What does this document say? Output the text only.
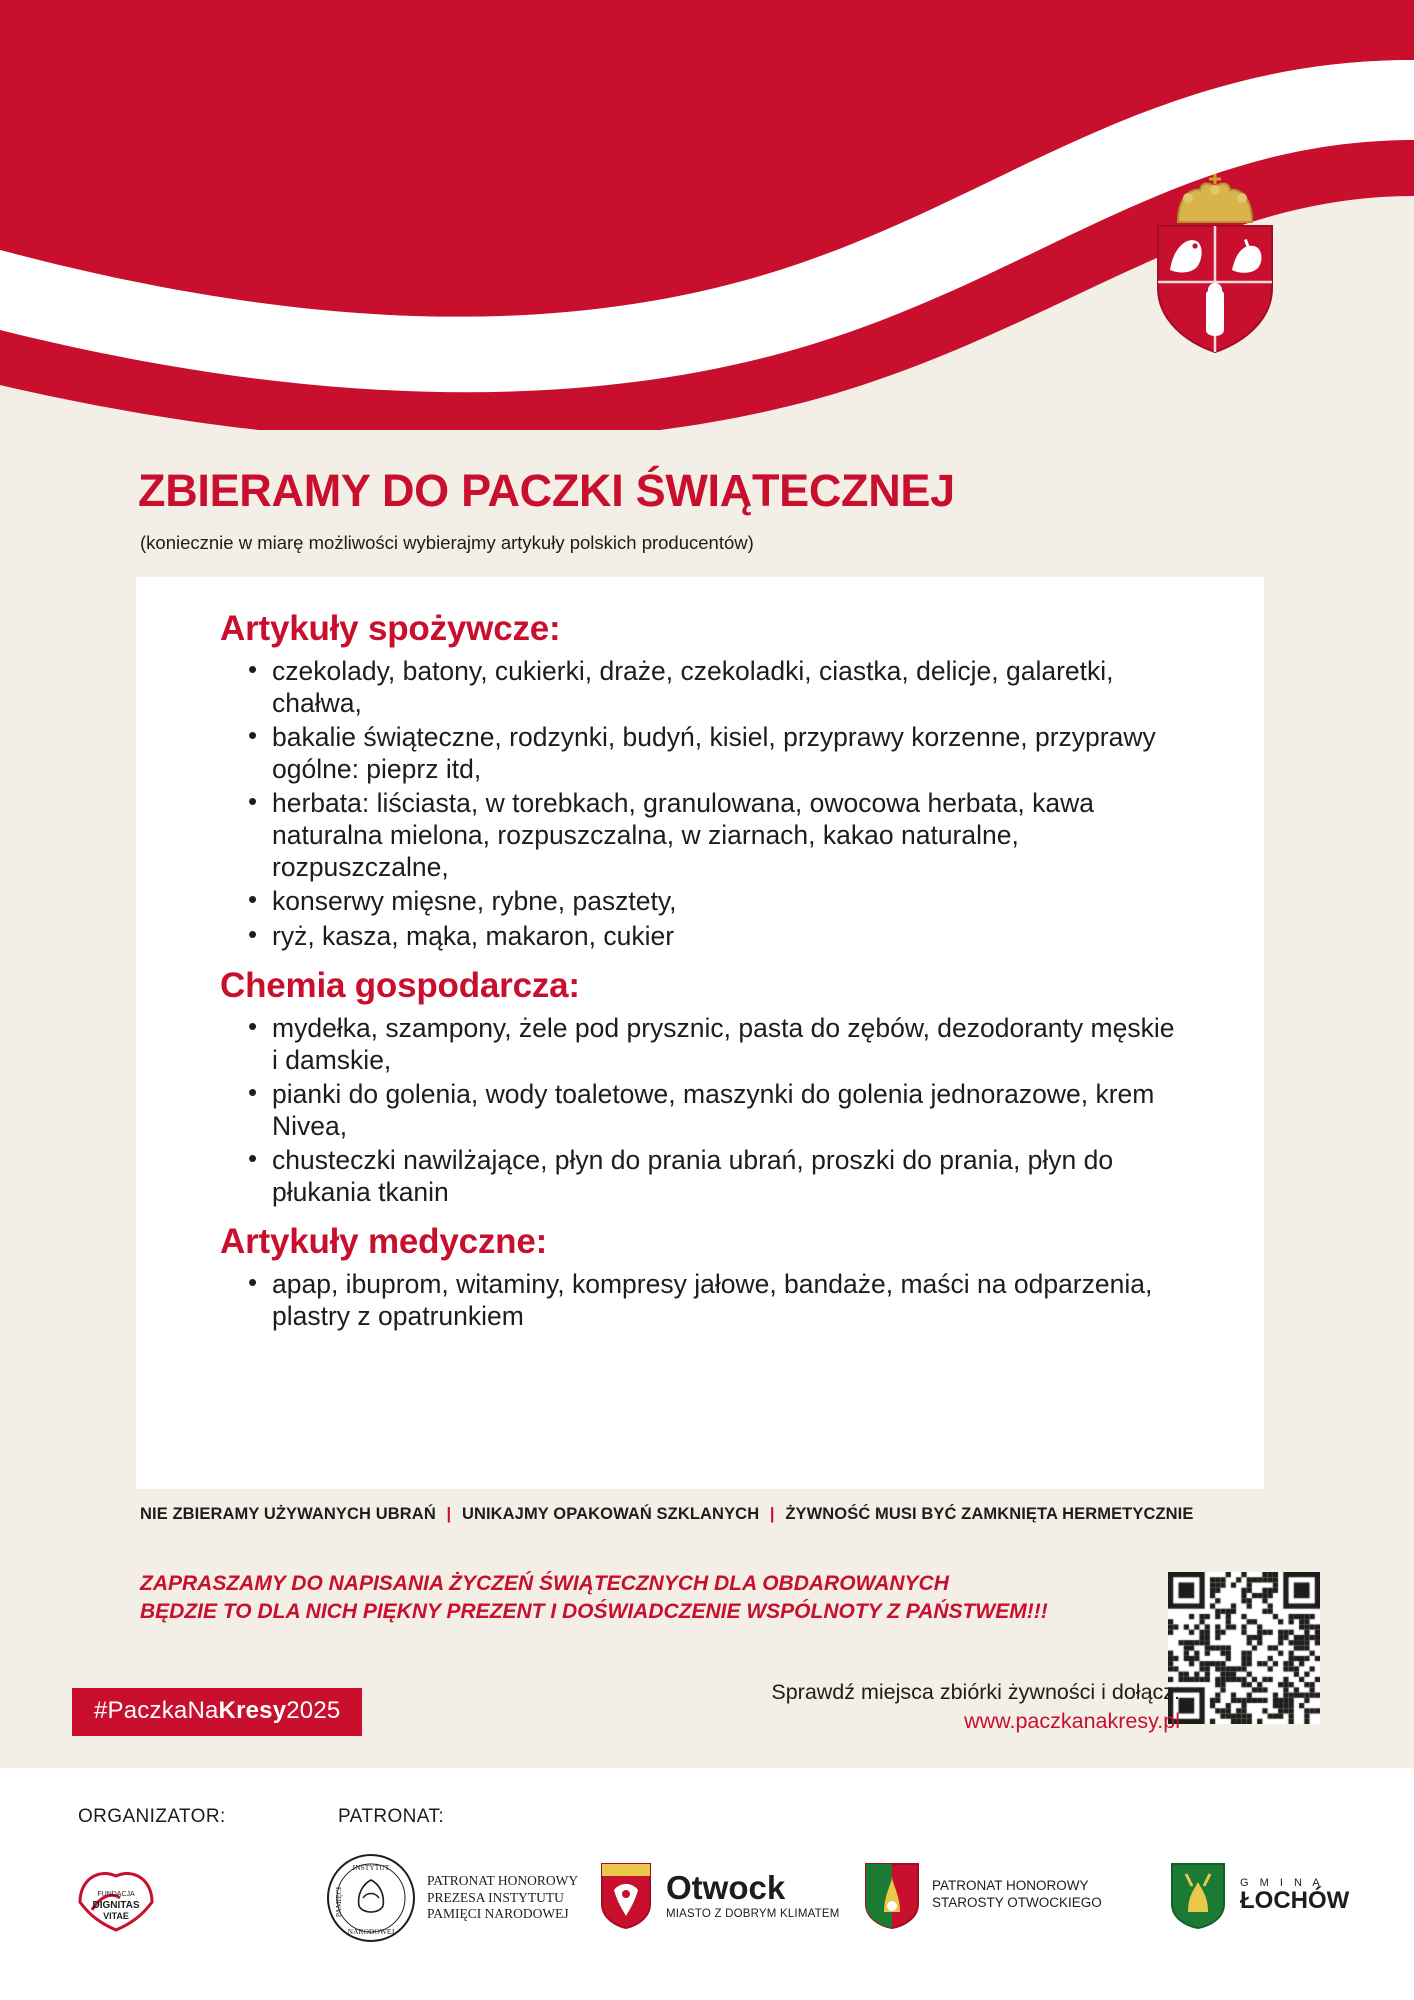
XIX
Paczka
Na Kresy
Boże Narodzenie 2025
ZBIERAMY DO PACZKI ŚWIĄTECZNEJ
(koniecznie w miarę możliwości wybierajmy artykuły polskich producentów)
Artykuły spożywcze:
• czekolady, batony, cukierki, draże, czekoladki, ciastka, delicje, galaretki, chałwa,
• bakalie świąteczne, rodzynki, budyń, kisiel, przyprawy korzenne, przyprawy ogólne: pieprz itd,
• herbata: liściasta, w torebkach, granulowana, owocowa herbata, kawa naturalna mielona, rozpuszczalna, w ziarnach, kakao naturalne, rozpuszczalne,
• konserwy mięsne, rybne, pasztety,
• ryż, kasza, mąka, makaron, cukier
Chemia gospodarcza:
• mydełka, szampony, żele pod prysznic, pasta do zębów, dezodoranty męskie i damskie,
• pianki do golenia, wody toaletowe, maszynki do golenia jednorazowe, krem Nivea,
• chusteczki nawilżające, płyn do prania ubrań, proszki do prania, płyn do płukania tkanin
Artykuły medyczne:
• apap, ibuprom, witaminy, kompresy jałowe, bandaże, maści na odparzenia, plastry z opatrunkiem
NIE ZBIERAMY UŻYWANYCH UBRAŃ | UNIKAJMY OPAKOWAŃ SZKLANYCH | ŻYWNOŚĆ MUSI BYĆ ZAMKNIĘTA HERMETYCZNIE
ZAPRASZAMY DO NAPISANIA ŻYCZEŃ ŚWIĄTECZNYCH DLA OBDAROWANYCH
BĘDZIE TO DLA NICH PIĘKNY PREZENT I DOŚWIADCZENIE WSPÓLNOTY Z PAŃSTWEM!!!
#PaczkaNaKresy2025
Sprawdź miejsca zbiórki żywności i dołącz:
www.paczkanakresy.pl
ORGANIZATOR:	PATRONAT:
FUNDACJA
DIGNITAS
VITAE
INSTYTUT
PAMIĘCI
NARODOWEJ
PATRONAT HONOROWY
PREZESA INSTYTUTU
PAMIĘCI NARODOWEJ
Otwock
MIASTO Z DOBRYM KLIMATEM
PATRONAT HONOROWY
STAROSTY OTWOCKIEGO
G M I N A
ŁOCHÓW
